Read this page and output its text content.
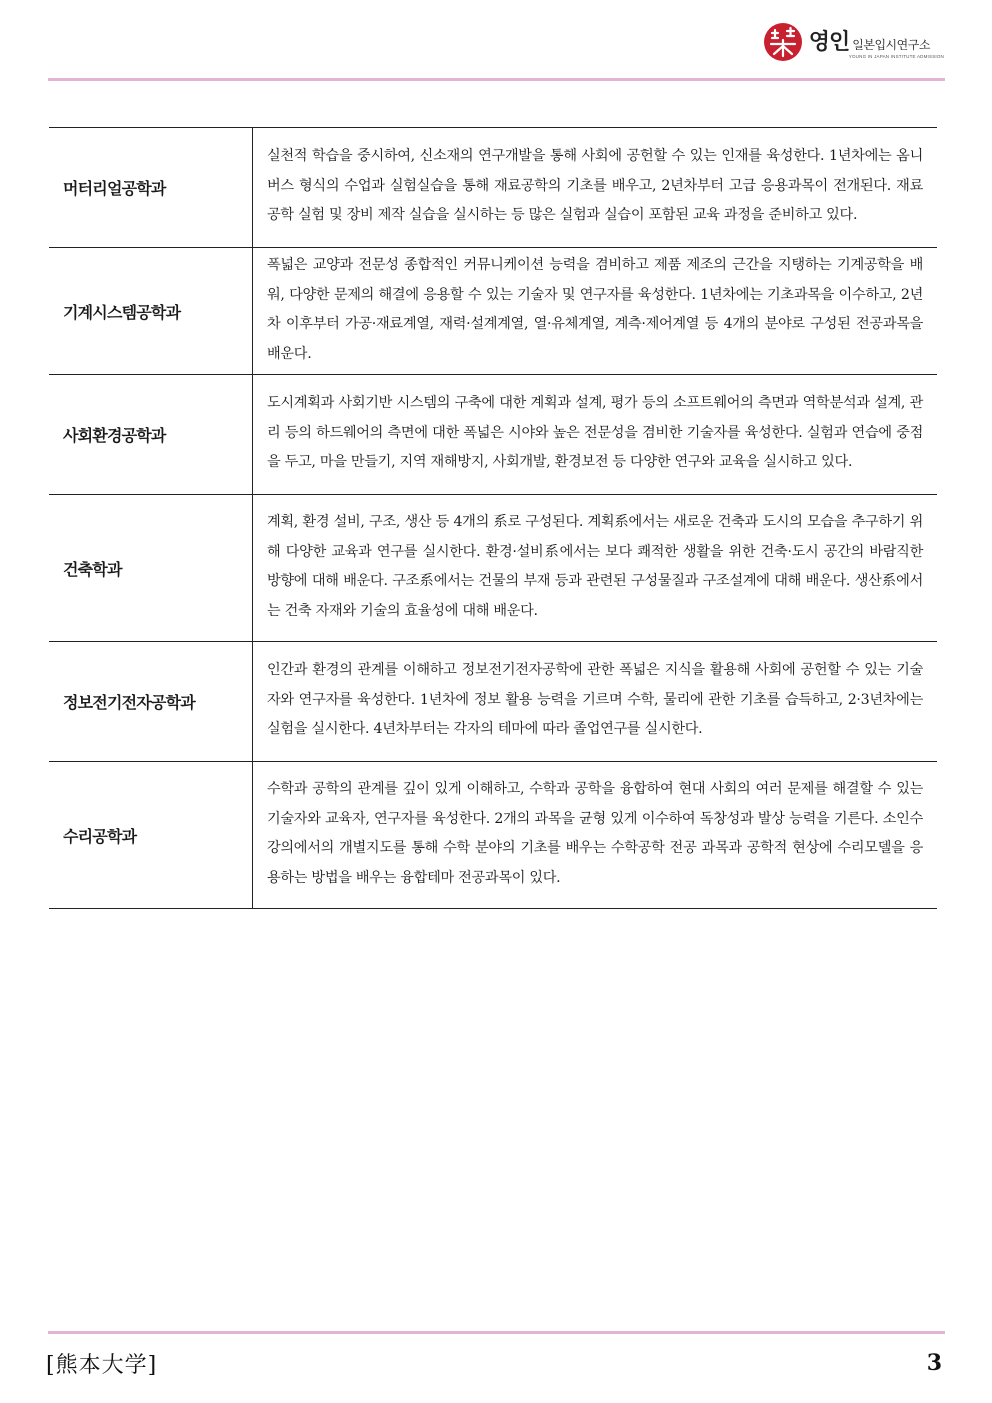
영인 일본입시연구소
YOUNG IN JAPAN INSTITUTE ADMISSION
머터리얼공학과	실천적 학습을 중시하여, 신소재의 연구개발을 통해 사회에 공헌할 수 있는 인재를 육성한다. 1년차에는 옴니버스 형식의 수업과 실험실습을 통해 재료공학의 기초를 배우고, 2년차부터 고급 응용과목이 전개된다. 재료 공학 실험 및 장비 제작 실습을 실시하는 등 많은 실험과 실습이 포함된 교육 과정을 준비하고 있다.
기계시스템공학과	폭넓은 교양과 전문성 종합적인 커뮤니케이션 능력을 겸비하고 제품 제조의 근간을 지탱하는 기계공학을 배워, 다양한 문제의 해결에 응용할 수 있는 기술자 및 연구자를 육성한다. 1년차에는 기초과목을 이수하고, 2년차 이후부터 가공·재료계열, 재력·설계계열, 열·유체계열, 계측·제어계열 등 4개의 분야로 구성된 전공과목을 배운다.
사회환경공학과	도시계획과 사회기반 시스템의 구축에 대한 계획과 설계, 평가 등의 소프트웨어의 측면과 역학분석과 설계, 관리 등의 하드웨어의 측면에 대한 폭넓은 시야와 높은 전문성을 겸비한 기술자를 육성한다. 실험과 연습에 중점을 두고, 마을 만들기, 지역 재해방지, 사회개발, 환경보전 등 다양한 연구와 교육을 실시하고 있다.
건축학과	계획, 환경 설비, 구조, 생산 등 4개의 系로 구성된다. 계획系에서는 새로운 건축과 도시의 모습을 추구하기 위해 다양한 교육과 연구를 실시한다. 환경·설비系에서는 보다 쾌적한 생활을 위한 건축·도시 공간의 바람직한 방향에 대해 배운다. 구조系에서는 건물의 부재 등과 관련된 구성물질과 구조설계에 대해 배운다. 생산系에서는 건축 자재와 기술의 효율성에 대해 배운다.
정보전기전자공학과	인간과 환경의 관계를 이해하고 정보전기전자공학에 관한 폭넓은 지식을 활용해 사회에 공헌할 수 있는 기술자와 연구자를 육성한다. 1년차에 정보 활용 능력을 기르며 수학, 물리에 관한 기초를 습득하고, 2·3년차에는 실험을 실시한다. 4년차부터는 각자의 테마에 따라 졸업연구를 실시한다.
수리공학과	수학과 공학의 관계를 깊이 있게 이해하고, 수학과 공학을 융합하여 현대 사회의 여러 문제를 해결할 수 있는 기술자와 교육자, 연구자를 육성한다. 2개의 과목을 균형 있게 이수하여 독창성과 발상 능력을 기른다. 소인수강의에서의 개별지도를 통해 수학 분야의 기초를 배우는 수학공학 전공 과목과 공학적 현상에 수리모델을 응용하는 방법을 배우는 융합테마 전공과목이 있다.
[熊本大学]	3
